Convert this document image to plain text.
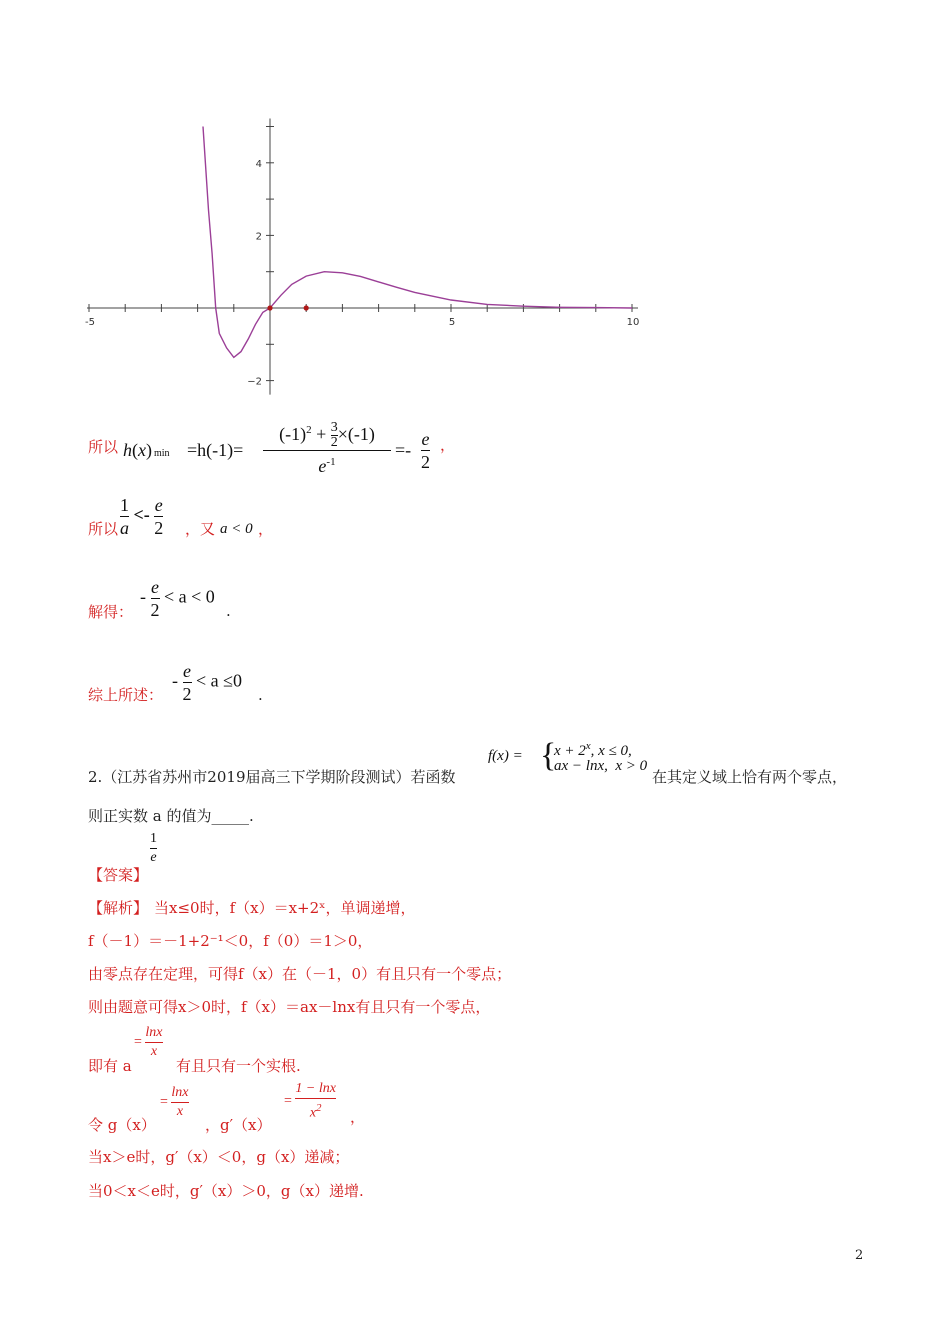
-5	5	10
4
2
−2
所以 h(x) min =h(-1)=
$(-1)^2 + \frac{3}{2} \times(-1)$
$e^{-1}$
=-
e
2
，
所以 $\frac{1}{a} <- \frac{e}{2}$ ，又 a < 0 ，
解得：
- $\frac{e}{2} < a < 0$
.
综上所述：
- $\frac{e}{2} < a \le 0$
.
2.（江苏省苏州市2019届高三下学期阶段测试）若函数
f(x) = {
$x + 2^x$, x ≤ 0,
ax − lnx, x > 0
在其定义域上恰有两个零点，
则正实数 a 的值为_____.
【答案】
$\frac{1}{e}$
【解析】 当x≤0时，f（x）＝x+2ˣ，单调递增，
f（－1）＝－1+2⁻¹＜0，f（0）＝1＞0，
由零点存在定理，可得f（x）在（－1，0）有且只有一个零点；
则由题意可得x＞0时，f（x）＝ax－lnx有且只有一个零点，
即有 a
= $\frac{\ln x}{x}$
有且只有一个实根.
令 g（x）
= $\frac{\ln x}{x}$
，g′（x）
= $\frac{1 - \ln x}{x^2}$ ，
当x＞e时，g′（x）＜0，g（x）递减；
当0＜x＜e时，g′（x）＞0，g（x）递增.
2
